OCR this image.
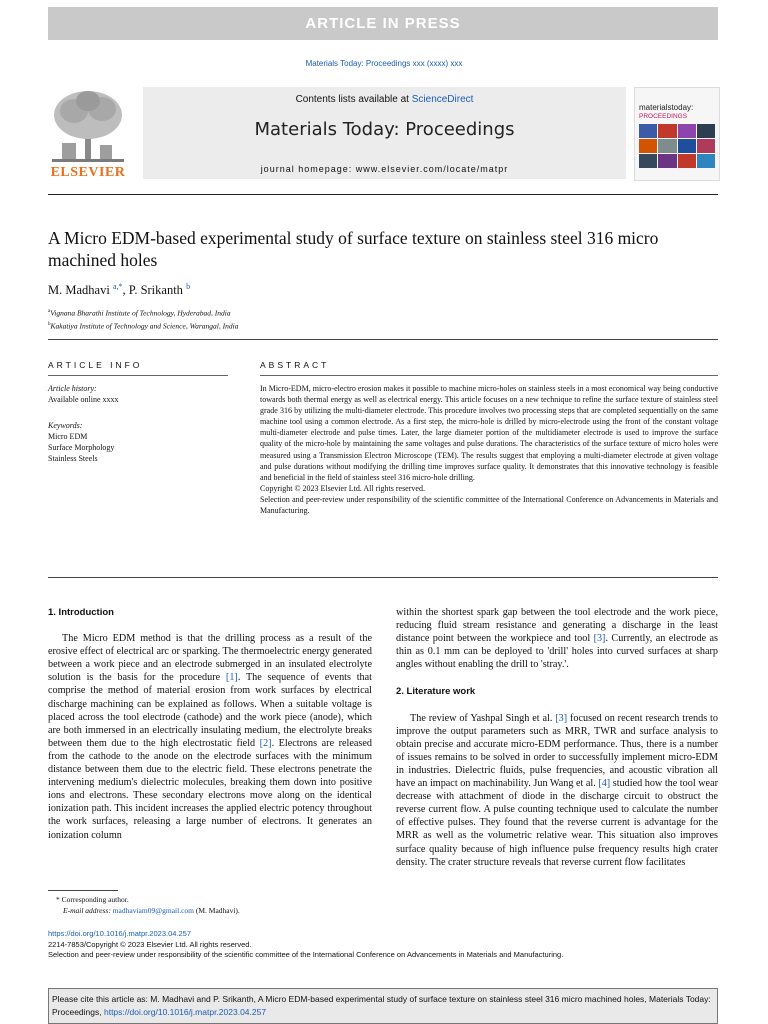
ARTICLE IN PRESS
Materials Today: Proceedings xxx (xxxx) xxx
ELSEVIER
Contents lists available at ScienceDirect
Materials Today: Proceedings
journal homepage: www.elsevier.com/locate/matpr
materialstoday:
PROCEEDINGS
A Micro EDM-based experimental study of surface texture on stainless steel 316 micro machined holes
M. Madhavi $^{a,*}$, P. Srikanth $^b$
$^a$Vignana Bharathi Institute of Technology, Hyderabad, India
$^b$Kakatiya Institute of Technology and Science, Warangal, India
ARTICLE INFO	ABSTRACT
Article history:
Available online xxxx
Keywords:
Micro EDM
Surface Morphology
Stainless Steels
In Micro-EDM, micro-electro erosion makes it possible to machine micro-holes on stainless steels in a most economical way being conductive towards both thermal energy as well as electrical energy. This article focuses on a new technique to refine the surface texture of stainless steel grade 316 by utilizing the multi-diameter electrode. This procedure involves two processing steps that are completed sequentially on the same machine tool using a common electrode. As a first step, the micro-hole is drilled by micro-electrode using the front of the constant voltage multi-diameter electrode and pulse times. Later, the large diameter portion of the multidiameter electrode is used to improve the surface quality of the micro-hole by maintaining the same voltages and pulse durations. The characteristics of the surface texture of micro holes were measured using a Transmission Electron Microscope (TEM). The results suggest that employing a multi-diameter electrode at given voltage and pulse durations without modifying the drilling time improves surface quality. It demonstrates that this innovative technology is feasible and beneficial in the field of stainless steel 316 micro-hole drilling.
Copyright © 2023 Elsevier Ltd. All rights reserved.
Selection and peer-review under responsibility of the scientific committee of the International Conference on Advancements in Materials and Manufacturing.
1. Introduction

The Micro EDM method is that the drilling process as a result of the erosive effect of electrical arc or sparking. The thermoelectric energy generated between a work piece and an electrode submerged in an insulated electrolyte solution is the basis for the procedure [1]. The sequence of events that comprise the method of material erosion from work surfaces by electrical discharge machining can be explained as follows. When a suitable voltage is placed across the tool electrode (cathode) and the work piece (anode), which are both immersed in an electrically insulating medium, the electrolyte breaks between them due to the high electrostatic field [2]. Electrons are released from the cathode to the anode on the electrode surfaces with the minimum distance between them due to the electric field. These electrons penetrate the intervening medium's dielectric molecules, breaking them down into positive ions and electrons. These secondary electrons move along on the identical ionization path. This incident increases the applied electric potency throughout the work surfaces, releasing a large number of electrons. It generates an ionization column

* Corresponding author.
E-mail address: madhaviam09@gmail.com (M. Madhavi).

within the shortest spark gap between the tool electrode and the work piece, reducing fluid stream resistance and generating a discharge in the least distance point between the workpiece and tool [3]. Currently, an electrode as thin as 0.1 mm can be deployed to 'drill' holes into curved surfaces at sharp angles without enabling the drill to 'stray.'.

2. Literature work

The review of Yashpal Singh et al. [3] focused on recent research trends to improve the output parameters such as MRR, TWR and surface analysis to obtain precise and accurate micro-EDM performance. Thus, there is a number of issues remains to be solved in order to successfully implement micro-EDM in industries. Dielectric fluids, pulse frequencies, and acoustic vibration all have an impact on machinability. Jun Wang et al. [4] studied how the tool wear decrease with attachment of diode in the discharge circuit to obstruct the reverse current flow. A pulse counting technique used to calculate the number of effective pulses. They found that the reverse current is advantage for the MRR as well as the volumetric relative wear. This situation also improves surface quality because of high influence pulse frequency results high crater density. The crater structure reveals that reverse current flow facilitates

https://doi.org/10.1016/j.matpr.2023.04.257
2214-7853/Copyright © 2023 Elsevier Ltd. All rights reserved.
Selection and peer-review under responsibility of the scientific committee of the International Conference on Advancements in Materials and Manufacturing.
Please cite this article as: M. Madhavi and P. Srikanth, A Micro EDM-based experimental study of surface texture on stainless steel 316 micro machined holes, Materials Today: Proceedings, https://doi.org/10.1016/j.matpr.2023.04.257
